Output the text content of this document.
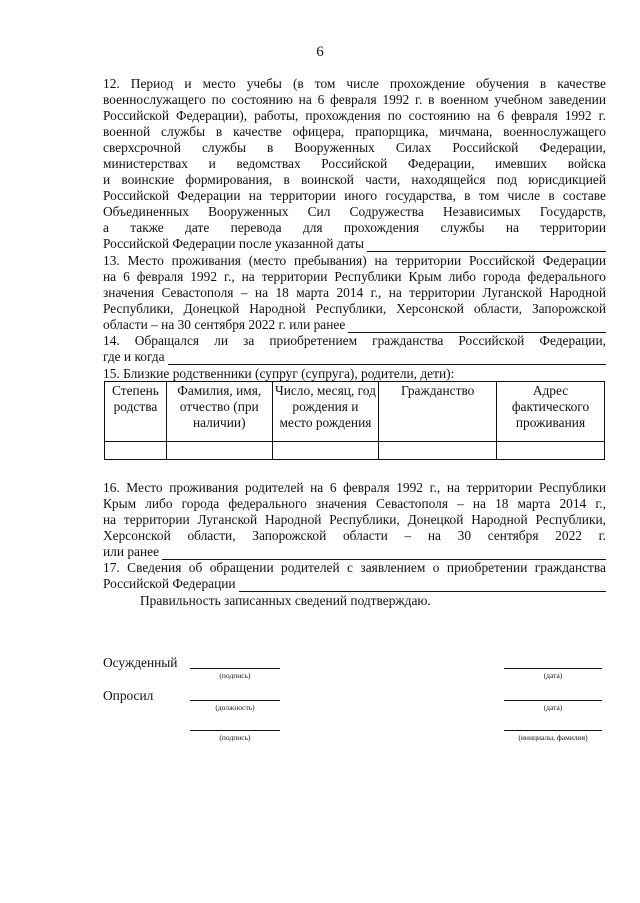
6
12. Период и место учебы (в том числе прохождение обучения в качестве
военнослужащего по состоянию на 6 февраля 1992 г. в военном учебном заведении
Российской Федерации), работы, прохождения по состоянию на 6 февраля 1992 г.
военной службы в качестве офицера, прапорщика, мичмана, военнослужащего
сверхсрочной службы в Вооруженных Силах Российской Федерации,
министерствах и ведомствах Российской Федерации, имевших войска
и воинские формирования, в воинской части, находящейся под юрисдикцией
Российской Федерации на территории иного государства, в том числе в составе
Объединенных Вооруженных Сил Содружества Независимых Государств,
а также дате перевода для прохождения службы на территории
Российской Федерации после указанной даты
13. Место проживания (место пребывания) на территории Российской Федерации
на 6 февраля 1992 г., на территории Республики Крым либо города федерального
значения Севастополя – на 18 марта 2014 г., на территории Луганской Народной
Республики, Донецкой Народной Республики, Херсонской области, Запорожской
области – на 30 сентября 2022 г. или ранее
14. Обращался ли за приобретением гражданства Российской Федерации,
где и когда
15. Близкие родственники (супруг (супруга), родители, дети):
Степень родства	Фамилия, имя, отчество (при наличии)	Число, месяц, год рождения и место рождения	Гражданство	Адрес фактического проживания

16. Место проживания родителей на 6 февраля 1992 г., на территории Республики
Крым либо города федерального значения Севастополя – на 18 марта 2014 г.,
на территории Луганской Народной Республики, Донецкой Народной Республики,
Херсонской области, Запорожской области – на 30 сентября 2022 г.
или ранее
17. Сведения об обращении родителей с заявлением о приобретении гражданства
Российской Федерации
Правильность записанных сведений подтверждаю.
Осужденный
(подпись)	(дата)
Опросил
(должность)	(дата)
(подпись)	(инициалы, фамилия)
